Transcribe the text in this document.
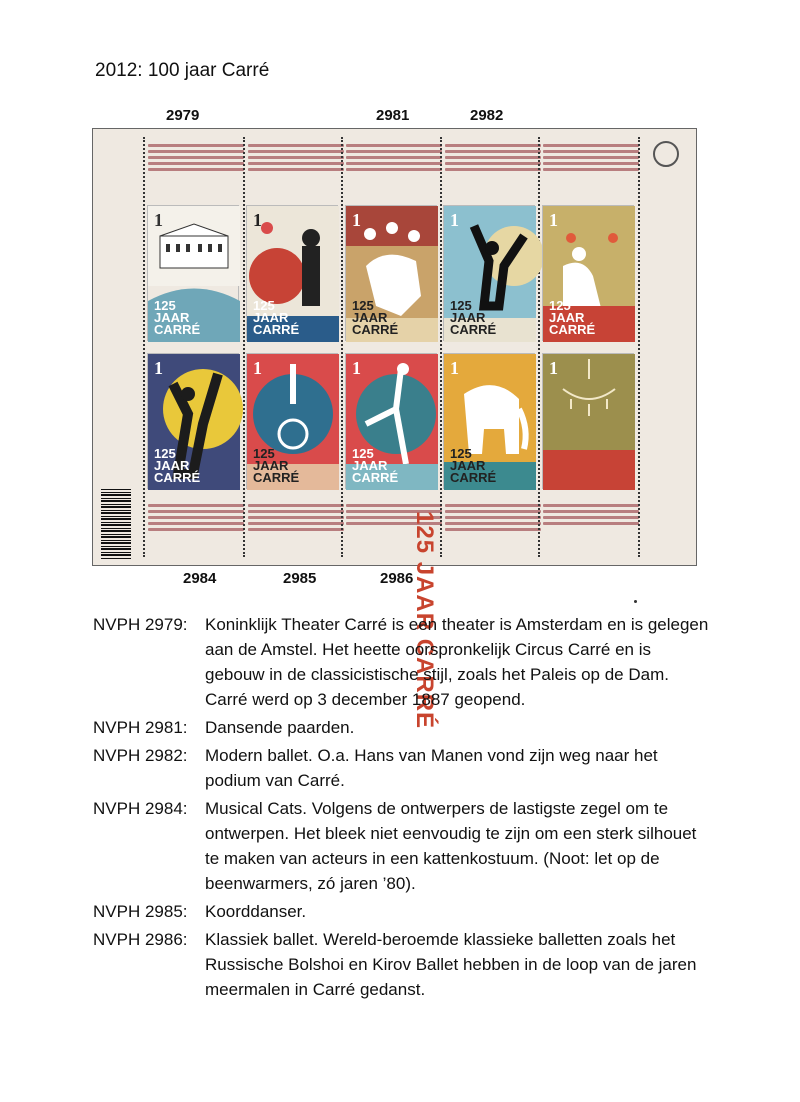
2012: 100 jaar Carré
2979	2981	2982
1
125
JAAR
CARRÉ
1
125
JAAR
CARRÉ
1
125
JAAR
CARRÉ
1
125
JAAR
CARRÉ
1
125
JAAR
CARRÉ
1
125
JAAR
CARRÉ
1
125
JAAR
CARRÉ
1
125
JAAR
CARRÉ
1
125
JAAR
CARRÉ
1
125 JAAR CARRÉ
2984	2985	2986
NVPH 2979:	Koninklijk Theater Carré is een theater is Amsterdam en is gelegen aan de Amstel. Het heette oorspronkelijk Circus Carré en is gebouw in de classicistische stijl, zoals het Paleis op de Dam. Carré werd op 3 december 1887 geopend.
NVPH 2981:	Dansende paarden.
NVPH 2982:	Modern ballet. O.a. Hans van Manen vond zijn weg naar het podium van Carré.
NVPH 2984:	Musical Cats. Volgens de ontwerpers de lastigste zegel om te ontwerpen. Het bleek niet eenvoudig te zijn om een sterk silhouet te maken van acteurs in een kattenkostuum. (Noot: let op de beenwarmers, zó jaren ’80).
NVPH 2985:	Koorddanser.
NVPH 2986:	Klassiek ballet. Wereld-beroemde klassieke balletten zoals het Russische Bolshoi en Kirov Ballet hebben in de loop van de jaren meermalen in Carré gedanst.
